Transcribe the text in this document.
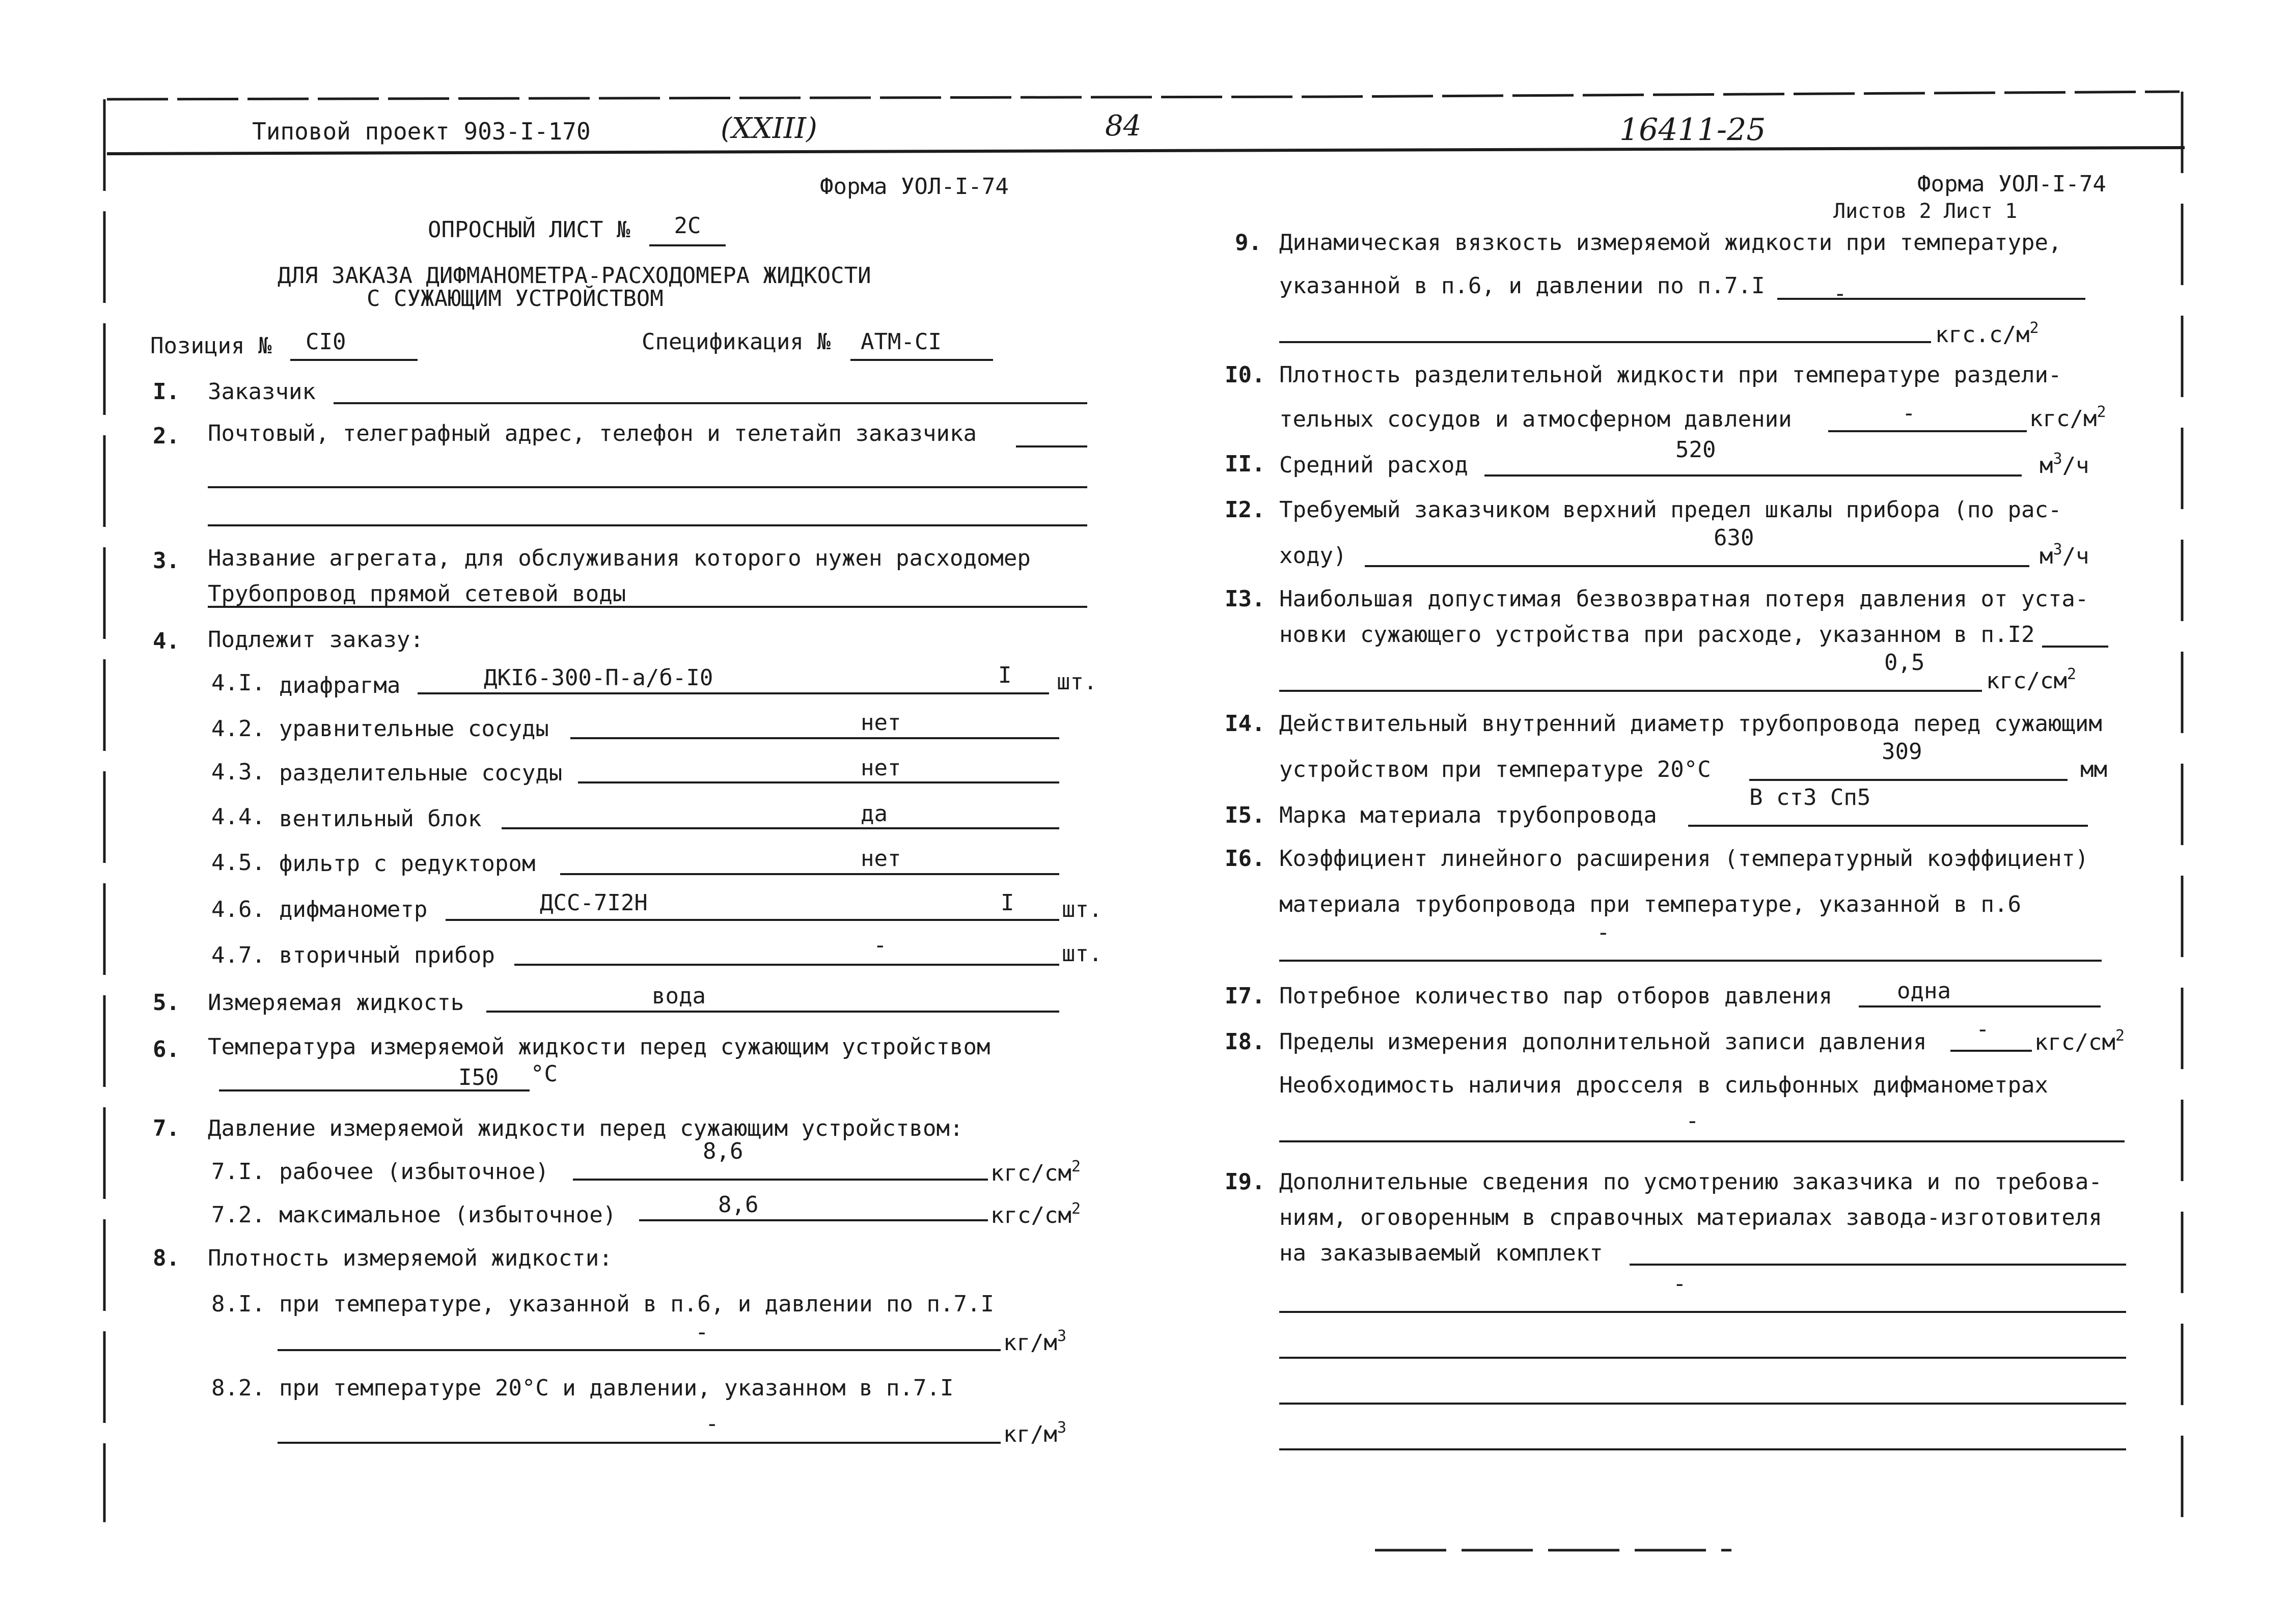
Типовой проект 903-I-170	(XXIII)	84	16411-25
Форма УОЛ-I-74	Форма УОЛ-I-74
Листов 2 Лист 1
ОПРОСНЫЙ ЛИСТ №	2С
ДЛЯ ЗАКАЗА ДИФМАНОМЕТРА-РАСХОДОМЕРА ЖИДКОСТИ
С СУЖАЮЩИМ УСТРОЙСТВОМ
Позиция №	СI0	Спецификация №	АТМ-СI
I. Заказчик
2. Почтовый, телеграфный адрес, телефон и телетайп заказчика
3. Название агрегата, для обслуживания которого нужен расходомер
Трубопровод прямой сетевой воды
4. Подлежит заказу:
4.I. диафрагма	ДКI6-300-П-а/б-I0	I шт.
4.2. уравнительные сосуды	нет
4.3. разделительные сосуды	нет
4.4. вентильный блок	да
4.5. фильтр с редуктором	нет
4.6. дифманометр	ДСС-7I2Н	I шт.
4.7. вторичный прибор	-	шт.
5. Измеряемая жидкость	вода
6. Температура измеряемой жидкости перед сужающим устройством
I50 °С
7. Давление измеряемой жидкости перед сужающим устройством:
7.I. рабочее (избыточное)
8,6
кгс/$см^2$
7.2. максимальное (избыточное)	8,6	кгс/$см^2$
8. Плотность измеряемой жидкости:
8.I. при температуре, указанной в п.6, и давлении по п.7.I
-	$кг/м^3$
8.2. при температуре 20°С и давлении, указанном в п.7.I
-	$кг/м^3$
9. Динамическая вязкость измеряемой жидкости при температуре,
указанной в п.6, и давлении по п.7.I	-
$кгс.с/м^2$
I0. Плотность разделительной жидкости при температуре раздели-
тельных сосудов и атмосферном давлении	-	кгс/$м^2$
II. Средний расход
520
$м^3/ч$
I2. Требуемый заказчиком верхний предел шкалы прибора (по рас-
ходу)
630
$м^3/ч$
I3. Наибольшая допустимая безвозвратная потеря давления от уста-
новки сужающего устройства при расходе, указанном в п.I2
0,5
кгс/$см^2$
I4. Действительный внутренний диаметр трубопровода перед сужающим
устройством при температуре 20°С
309
мм
I5. Марка материала трубопровода
В ст3 Сп5
I6. Коэффициент линейного расширения (температурный коэффициент)
материала трубопровода при температуре, указанной в п.6
-
I7. Потребное количество пар отборов давления	одна
I8. Пределы измерения дополнительной записи давления -
кгс/$см^2$
Необходимость наличия дросселя в сильфонных дифманометрах
-
I9. Дополнительные сведения по усмотрению заказчика и по требова-
ниям, оговоренным в справочных материалах завода-изготовителя
на заказываемый комплект
-
